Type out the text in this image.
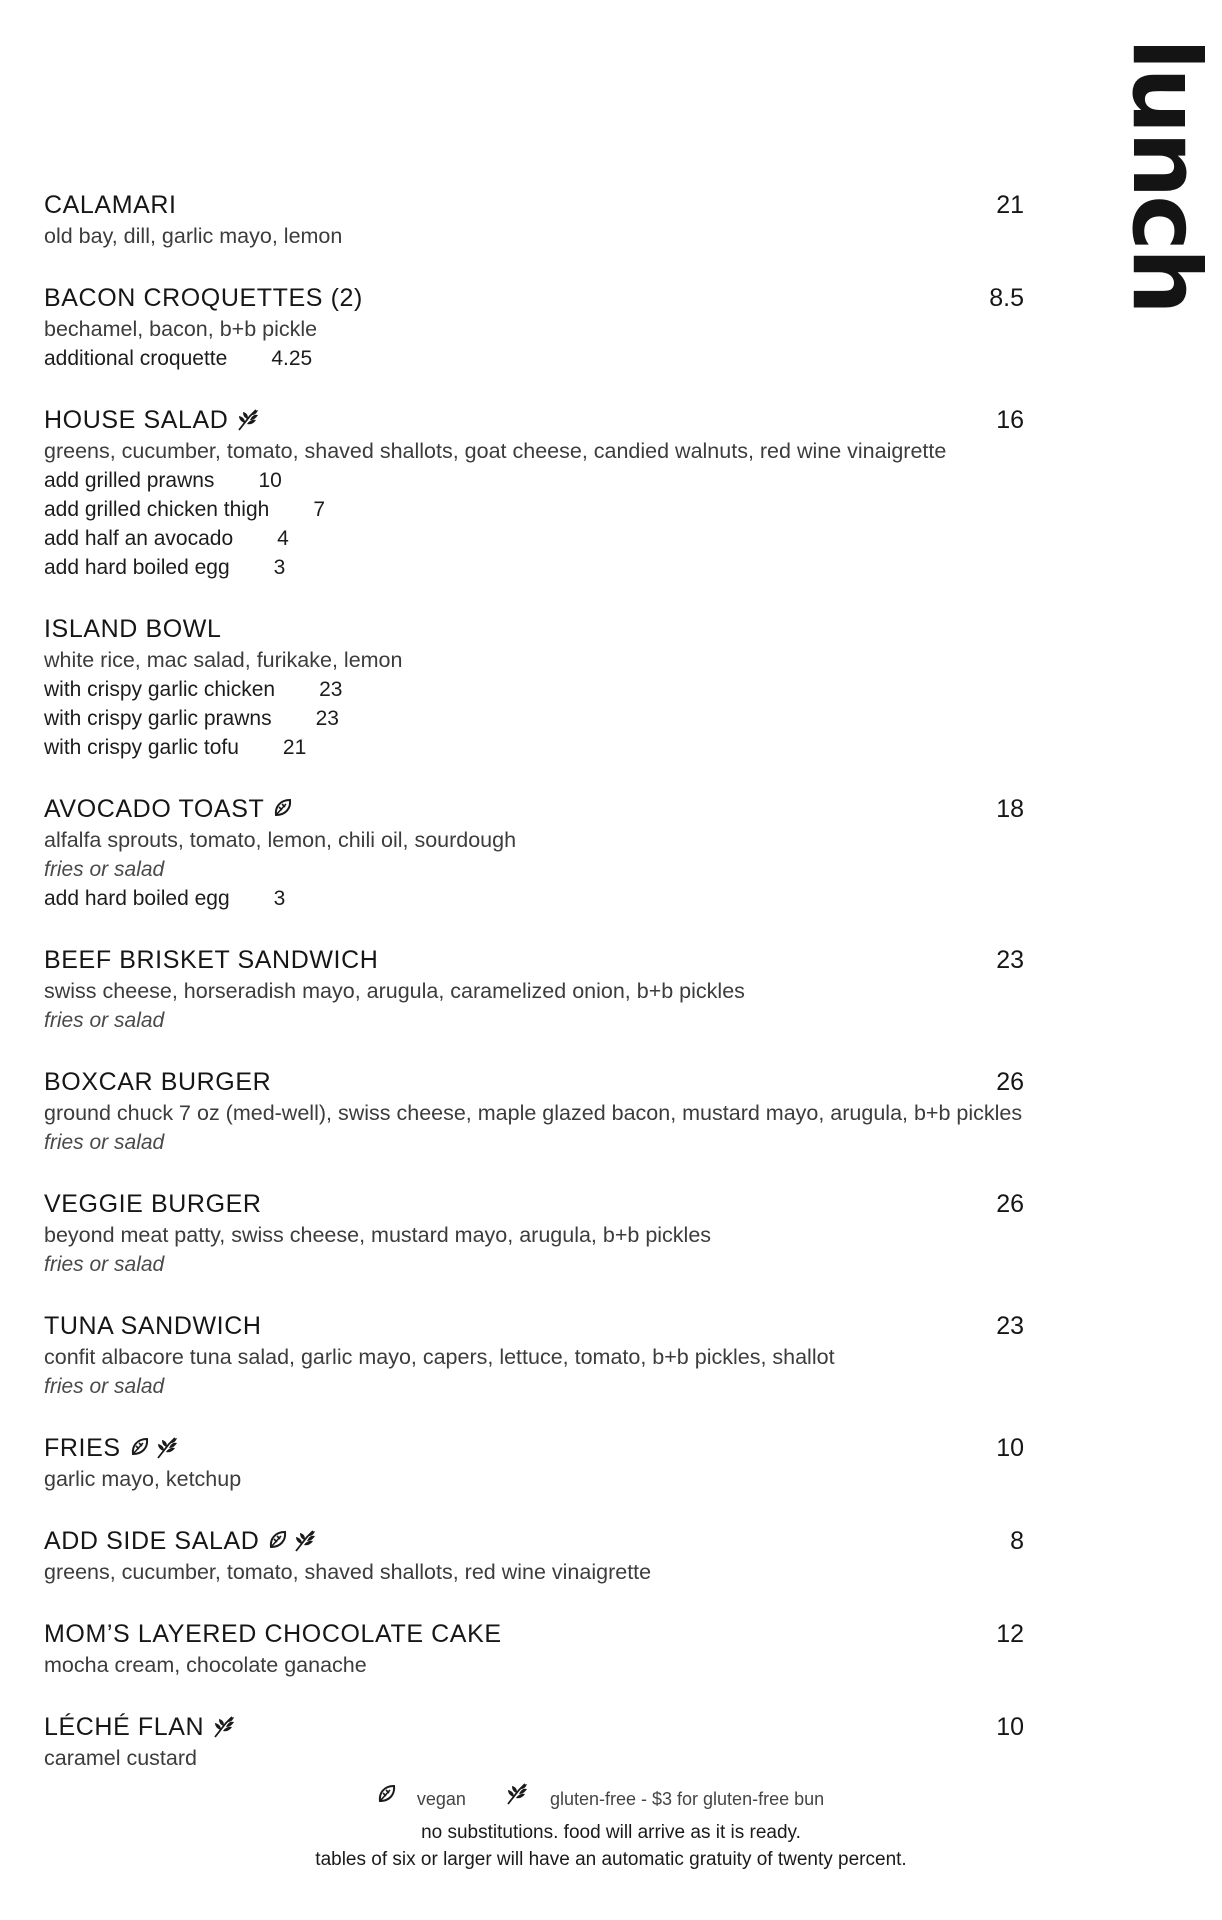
lunch
CALAMARI	21
old bay, dill, garlic mayo, lemon
BACON CROQUETTES (2)	8.5
bechamel, bacon, b+b pickle
additional croquette 4.25
HOUSE SALAD	16
greens, cucumber, tomato, shaved shallots, goat cheese, candied walnuts, red wine vinaigrette
add grilled prawns 10
add grilled chicken thigh 7
add half an avocado 4
add hard boiled egg 3
ISLAND BOWL
white rice, mac salad, furikake, lemon
with crispy garlic chicken 23
with crispy garlic prawns 23
with crispy garlic tofu 21
AVOCADO TOAST	18
alfalfa sprouts, tomato, lemon, chili oil, sourdough
fries or salad
add hard boiled egg 3
BEEF BRISKET SANDWICH	23
swiss cheese, horseradish mayo, arugula, caramelized onion, b+b pickles
fries or salad
BOXCAR BURGER	26
ground chuck 7 oz (med-well), swiss cheese, maple glazed bacon, mustard mayo, arugula, b+b pickles
fries or salad
VEGGIE BURGER	26
beyond meat patty, swiss cheese, mustard mayo, arugula, b+b pickles
fries or salad
TUNA SANDWICH	23
confit albacore tuna salad, garlic mayo, capers, lettuce, tomato, b+b pickles, shallot
fries or salad
FRIES	10
garlic mayo, ketchup
ADD SIDE SALAD	8
greens, cucumber, tomato, shaved shallots, red wine vinaigrette
MOM’S LAYERED CHOCOLATE CAKE	12
mocha cream, chocolate ganache
LÉCHÉ FLAN	10
caramel custard
vegan	gluten-free - $3 for gluten-free bun
no substitutions. food will arrive as it is ready.
tables of six or larger will have an automatic gratuity of twenty percent.
